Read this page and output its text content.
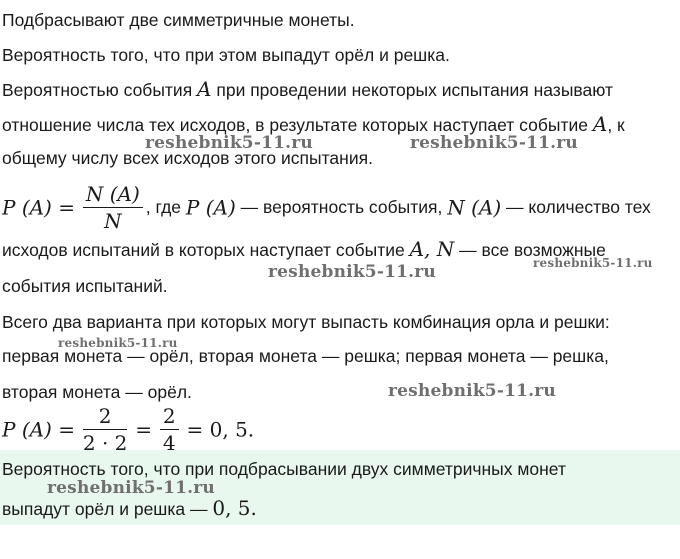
Подбрасывают две симметричные монеты.
Вероятность того, что при этом выпадут орёл и решка.
Вероятностью события A при проведении некоторых испытания называют
отношение числа тех исходов, в результате которых наступает событие A, к
общему числу всех исходов этого испытания.
P $(A) = \frac{N (A)}{N}$ , где P (A) — вероятность события, N (A) — количество тех
исходов испытаний в которых наступает событие A, N — все возможные
события испытаний.
Всего два варианта при которых могут выпасть комбинация орла и решки:
первая монета — орёл, вторая монета — решка; первая монета — решка,
вторая монета — орёл.
P $(A) = \frac{2}{2 \cdot 2} = \frac{2}{4} = 0$, 5.
Вероятность того, что при подбрасывании двух симметричных монет
выпадут орёл и решка — 0, 5.
reshebnik5-11.ru	reshebnik5-11.ru
reshebnik5-11.ru	reshebnik5-11.ru
reshebnik5-11.ru
reshebnik5-11.ru
reshebnik5-11.ru
